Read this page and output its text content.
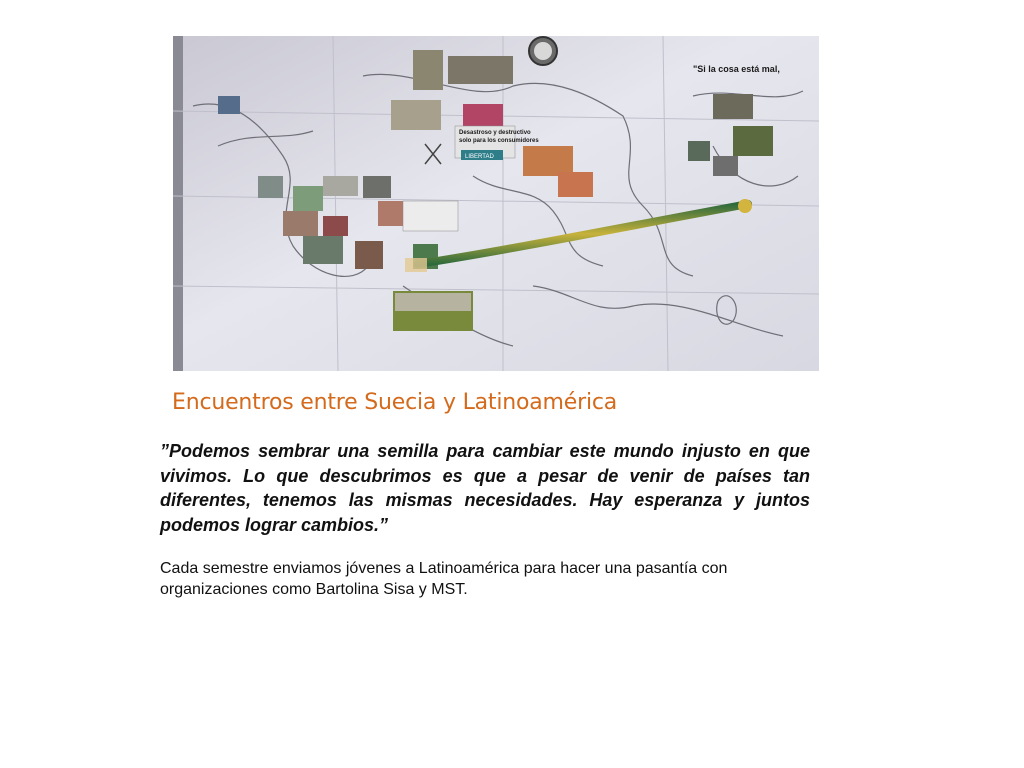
"Si la cosa está mal,
Desastroso y destructivo
solo para los consumidores
LIBERTAD
Encuentros entre Suecia y Latinoamérica

”Podemos sembrar una semilla para cambiar este mundo injusto en que vivimos. Lo que descubrimos es que a pesar de venir de países tan diferentes, tenemos las mismas necesidades. Hay esperanza y juntos podemos lograr cambios.”

Cada semestre enviamos jóvenes a Latinoamérica para hacer una pasantía con organizaciones como Bartolina Sisa y MST.
